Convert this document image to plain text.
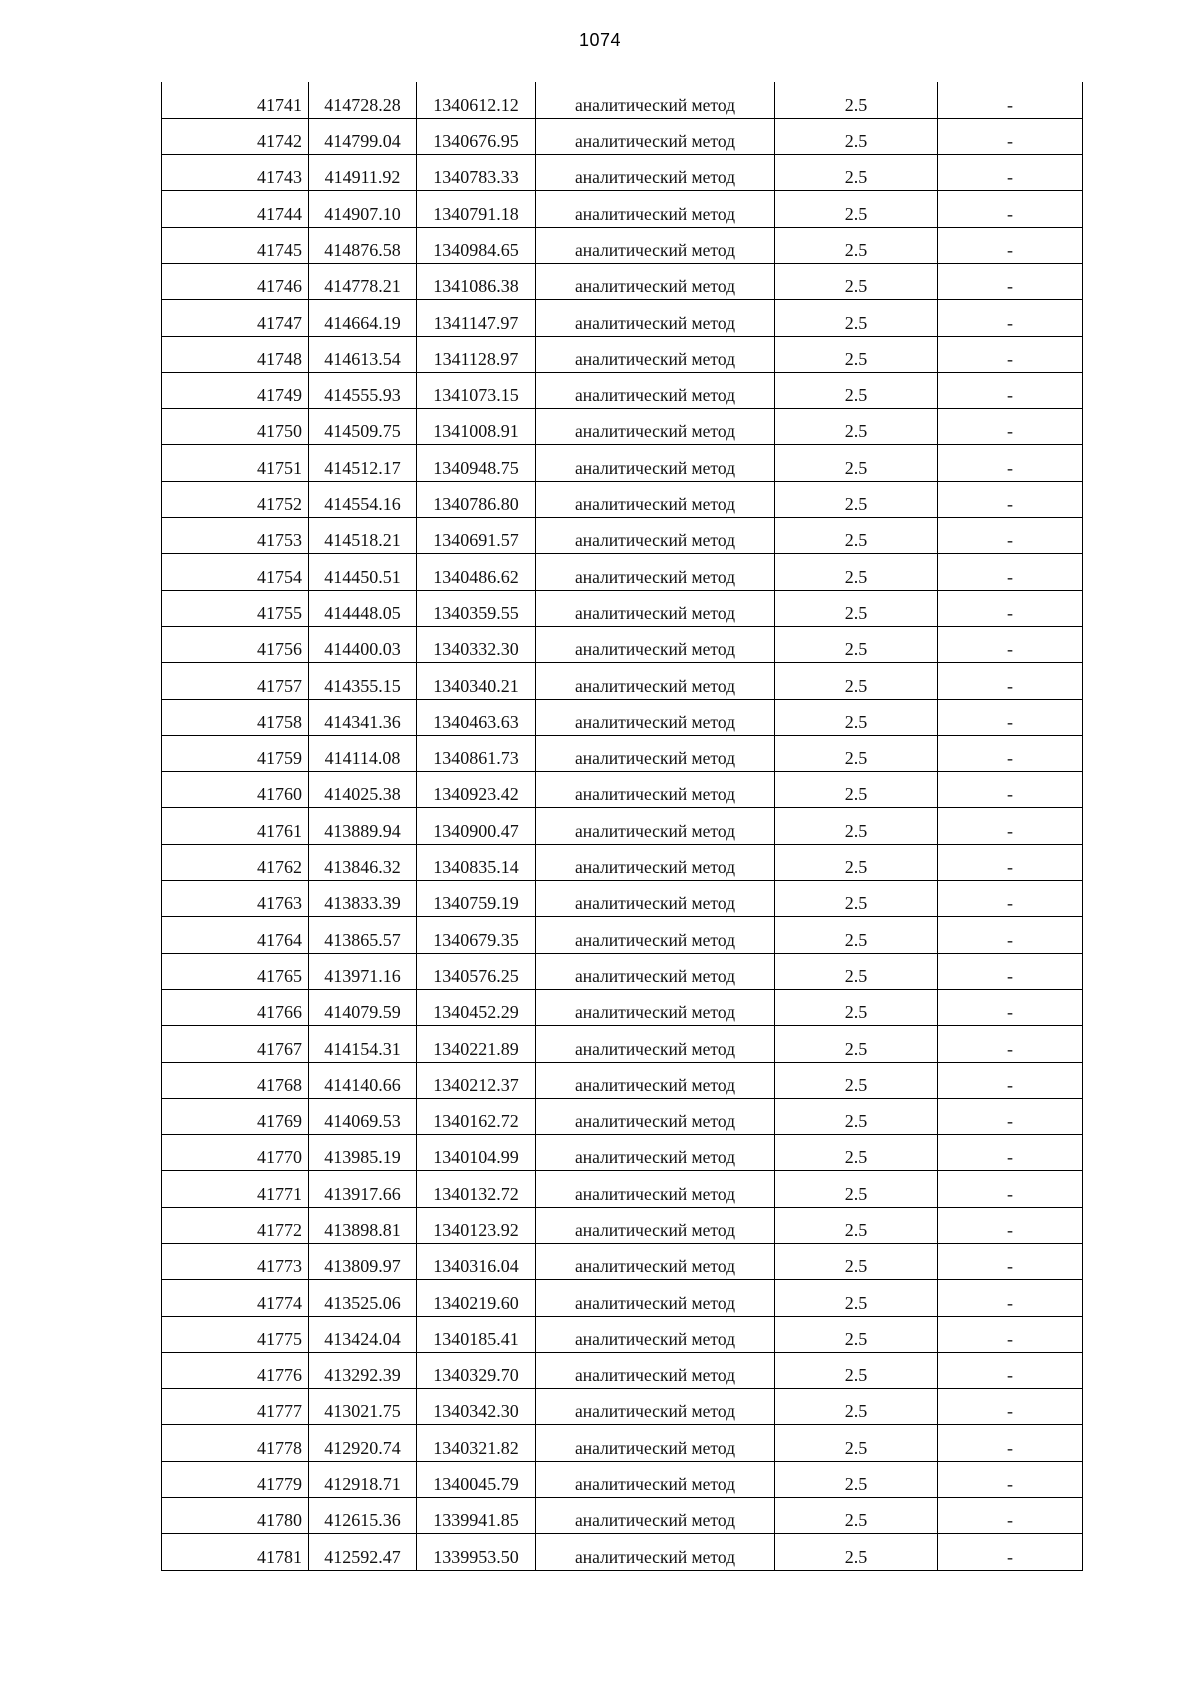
1074
41741	414728.28	1340612.12	аналитический метод	2.5	-
41742	414799.04	1340676.95	аналитический метод	2.5	-
41743	414911.92	1340783.33	аналитический метод	2.5	-
41744	414907.10	1340791.18	аналитический метод	2.5	-
41745	414876.58	1340984.65	аналитический метод	2.5	-
41746	414778.21	1341086.38	аналитический метод	2.5	-
41747	414664.19	1341147.97	аналитический метод	2.5	-
41748	414613.54	1341128.97	аналитический метод	2.5	-
41749	414555.93	1341073.15	аналитический метод	2.5	-
41750	414509.75	1341008.91	аналитический метод	2.5	-
41751	414512.17	1340948.75	аналитический метод	2.5	-
41752	414554.16	1340786.80	аналитический метод	2.5	-
41753	414518.21	1340691.57	аналитический метод	2.5	-
41754	414450.51	1340486.62	аналитический метод	2.5	-
41755	414448.05	1340359.55	аналитический метод	2.5	-
41756	414400.03	1340332.30	аналитический метод	2.5	-
41757	414355.15	1340340.21	аналитический метод	2.5	-
41758	414341.36	1340463.63	аналитический метод	2.5	-
41759	414114.08	1340861.73	аналитический метод	2.5	-
41760	414025.38	1340923.42	аналитический метод	2.5	-
41761	413889.94	1340900.47	аналитический метод	2.5	-
41762	413846.32	1340835.14	аналитический метод	2.5	-
41763	413833.39	1340759.19	аналитический метод	2.5	-
41764	413865.57	1340679.35	аналитический метод	2.5	-
41765	413971.16	1340576.25	аналитический метод	2.5	-
41766	414079.59	1340452.29	аналитический метод	2.5	-
41767	414154.31	1340221.89	аналитический метод	2.5	-
41768	414140.66	1340212.37	аналитический метод	2.5	-
41769	414069.53	1340162.72	аналитический метод	2.5	-
41770	413985.19	1340104.99	аналитический метод	2.5	-
41771	413917.66	1340132.72	аналитический метод	2.5	-
41772	413898.81	1340123.92	аналитический метод	2.5	-
41773	413809.97	1340316.04	аналитический метод	2.5	-
41774	413525.06	1340219.60	аналитический метод	2.5	-
41775	413424.04	1340185.41	аналитический метод	2.5	-
41776	413292.39	1340329.70	аналитический метод	2.5	-
41777	413021.75	1340342.30	аналитический метод	2.5	-
41778	412920.74	1340321.82	аналитический метод	2.5	-
41779	412918.71	1340045.79	аналитический метод	2.5	-
41780	412615.36	1339941.85	аналитический метод	2.5	-
41781	412592.47	1339953.50	аналитический метод	2.5	-
